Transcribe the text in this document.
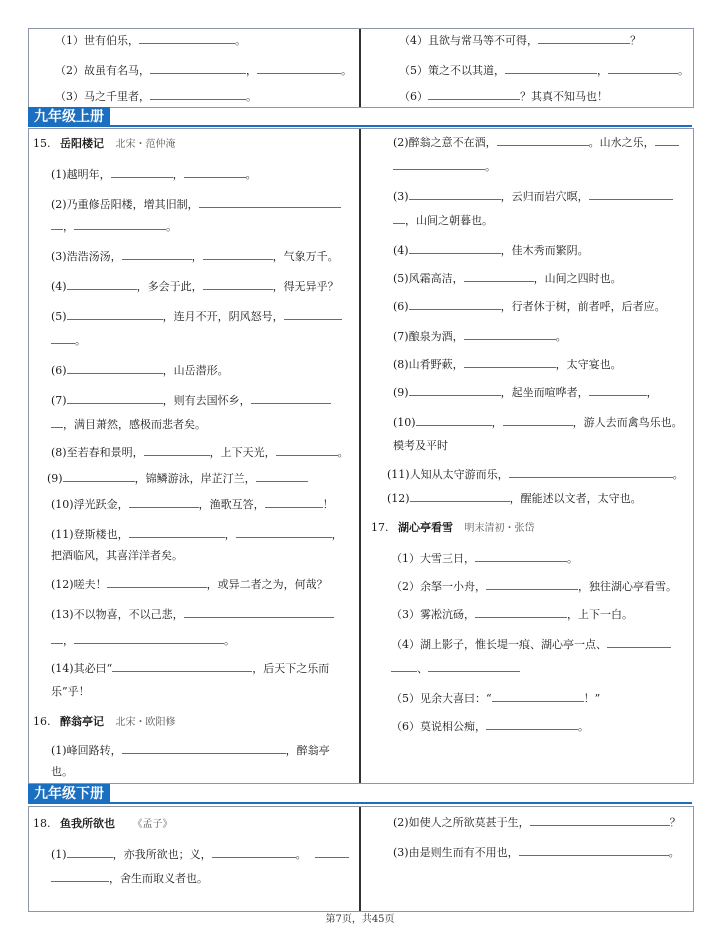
（1）世有伯乐，	。
（2）故虽有名马，	，	。
（3）马之千里者，	。
（4）且欲与常马等不可得，	？
（5）策之不以其道，	，	。
（6）	？其真不知马也！
九年级上册
15. 岳阳楼记 北宋・范仲淹
(1)越明年，	，	。
(2)乃重修岳阳楼，增其旧制，
，	。
(3)浩浩汤汤，	，	，气象万千。
(4)	，多会于此，	，得无异乎？
(5)	，连月不开，阴风怒号，
。
(6)	，山岳潜形。
(7)	，则有去国怀乡，
，满目萧然，感极而悲者矣。
(8)至若春和景明，	，上下天光，	。
(9)	，锦鳞游泳，岸芷汀兰，
(10)浮光跃金，	，渔歌互答，	！
(11)登斯楼也，	，	，
把酒临风，其喜洋洋者矣。
(12)嗟夫！	，或异二者之为，何哉？
(13)不以物喜，不以己悲，
，	。
(14)其必曰“	，后天下之乐而
乐”乎！
16. 醉翁亭记 北宋・欧阳修
(1)峰回路转，	，醉翁亭
也。
(2)醉翁之意不在酒，	。山水之乐，
。
(3)	，云归而岩穴暝，
，山间之朝暮也。
(4)	，佳木秀而繁阴。
(5)风霜高洁，	，山间之四时也。
(6)	，行者休于树，前者呼，后者应。
(7)酿泉为酒，	。
(8)山肴野蔌，	，太守宴也。
(9)	，起坐而喧哗者，	，
(10)	，	，游人去而禽鸟乐也。
模考及平时
(11)人知从太守游而乐，	。
(12)	，醒能述以文者，太守也。
17. 湖心亭看雪 明末清初・张岱
（1）大雪三日，	。
（2）余拏一小舟，	，独往湖心亭看雪。
（3）雾凇沆砀，	，上下一白。
（4）湖上影子，惟长堤一痕、湖心亭一点、
、
（5）见余大喜曰：“	！”
（6）莫说相公痴，	。
九年级下册
18. 鱼我所欲也 《孟子》
(1)	，亦我所欲也；义，	。
，舍生而取义者也。
(2)如使人之所欲莫甚于生，	？
(3)由是则生而有不用也，	。
第7页，共45页
